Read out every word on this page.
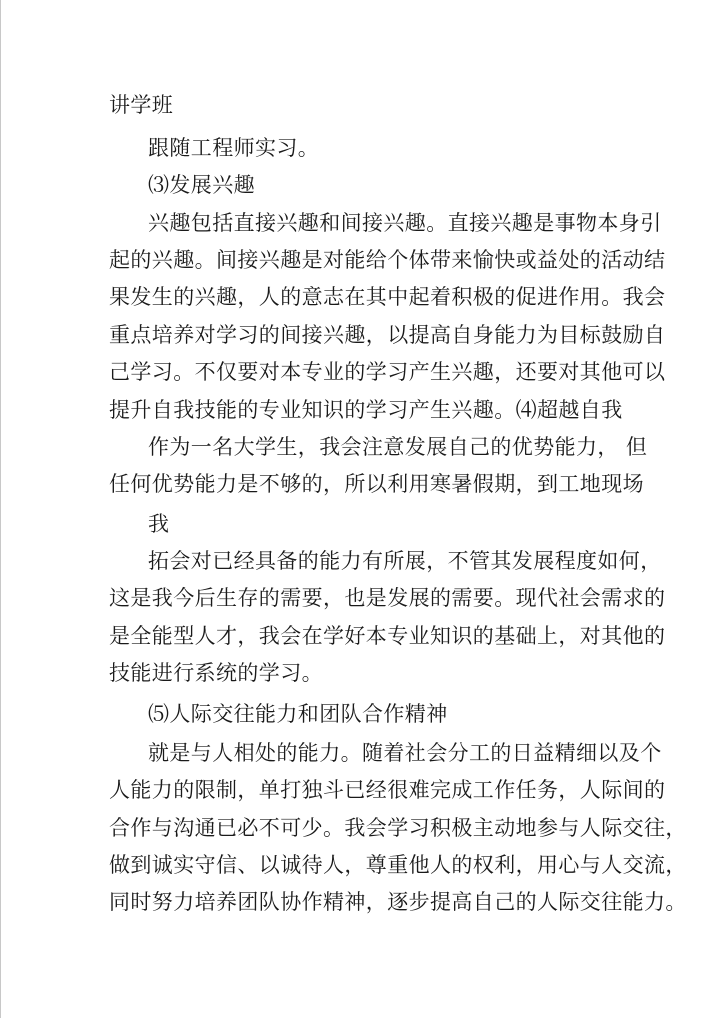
讲学班
跟随工程师实习。
⑶发展兴趣
兴趣包括直接兴趣和间接兴趣。直接兴趣是事物本身引
起的兴趣。间接兴趣是对能给个体带来愉快或益处的活动结
果发生的兴趣，人的意志在其中起着积极的促进作用。我会
重点培养对学习的间接兴趣，以提高自身能力为目标鼓励自
己学习。不仅要对本专业的学习产生兴趣，还要对其他可以
提升自我技能的专业知识的学习产生兴趣。⑷超越自我
作为一名大学生，我会注意发展自己的优势能力， 但
任何优势能力是不够的，所以利用寒暑假期，到工地现场
我
拓会对已经具备的能力有所展，不管其发展程度如何，
这是我今后生存的需要，也是发展的需要。现代社会需求的
是全能型人才，我会在学好本专业知识的基础上，对其他的
技能进行系统的学习。
⑸人际交往能力和团队合作精神
就是与人相处的能力。随着社会分工的日益精细以及个
人能力的限制，单打独斗已经很难完成工作任务，人际间的
合作与沟通已必不可少。我会学习积极主动地参与人际交往，
做到诚实守信、以诚待人，尊重他人的权利，用心与人交流，
同时努力培养团队协作精神，逐步提高自己的人际交往能力。
